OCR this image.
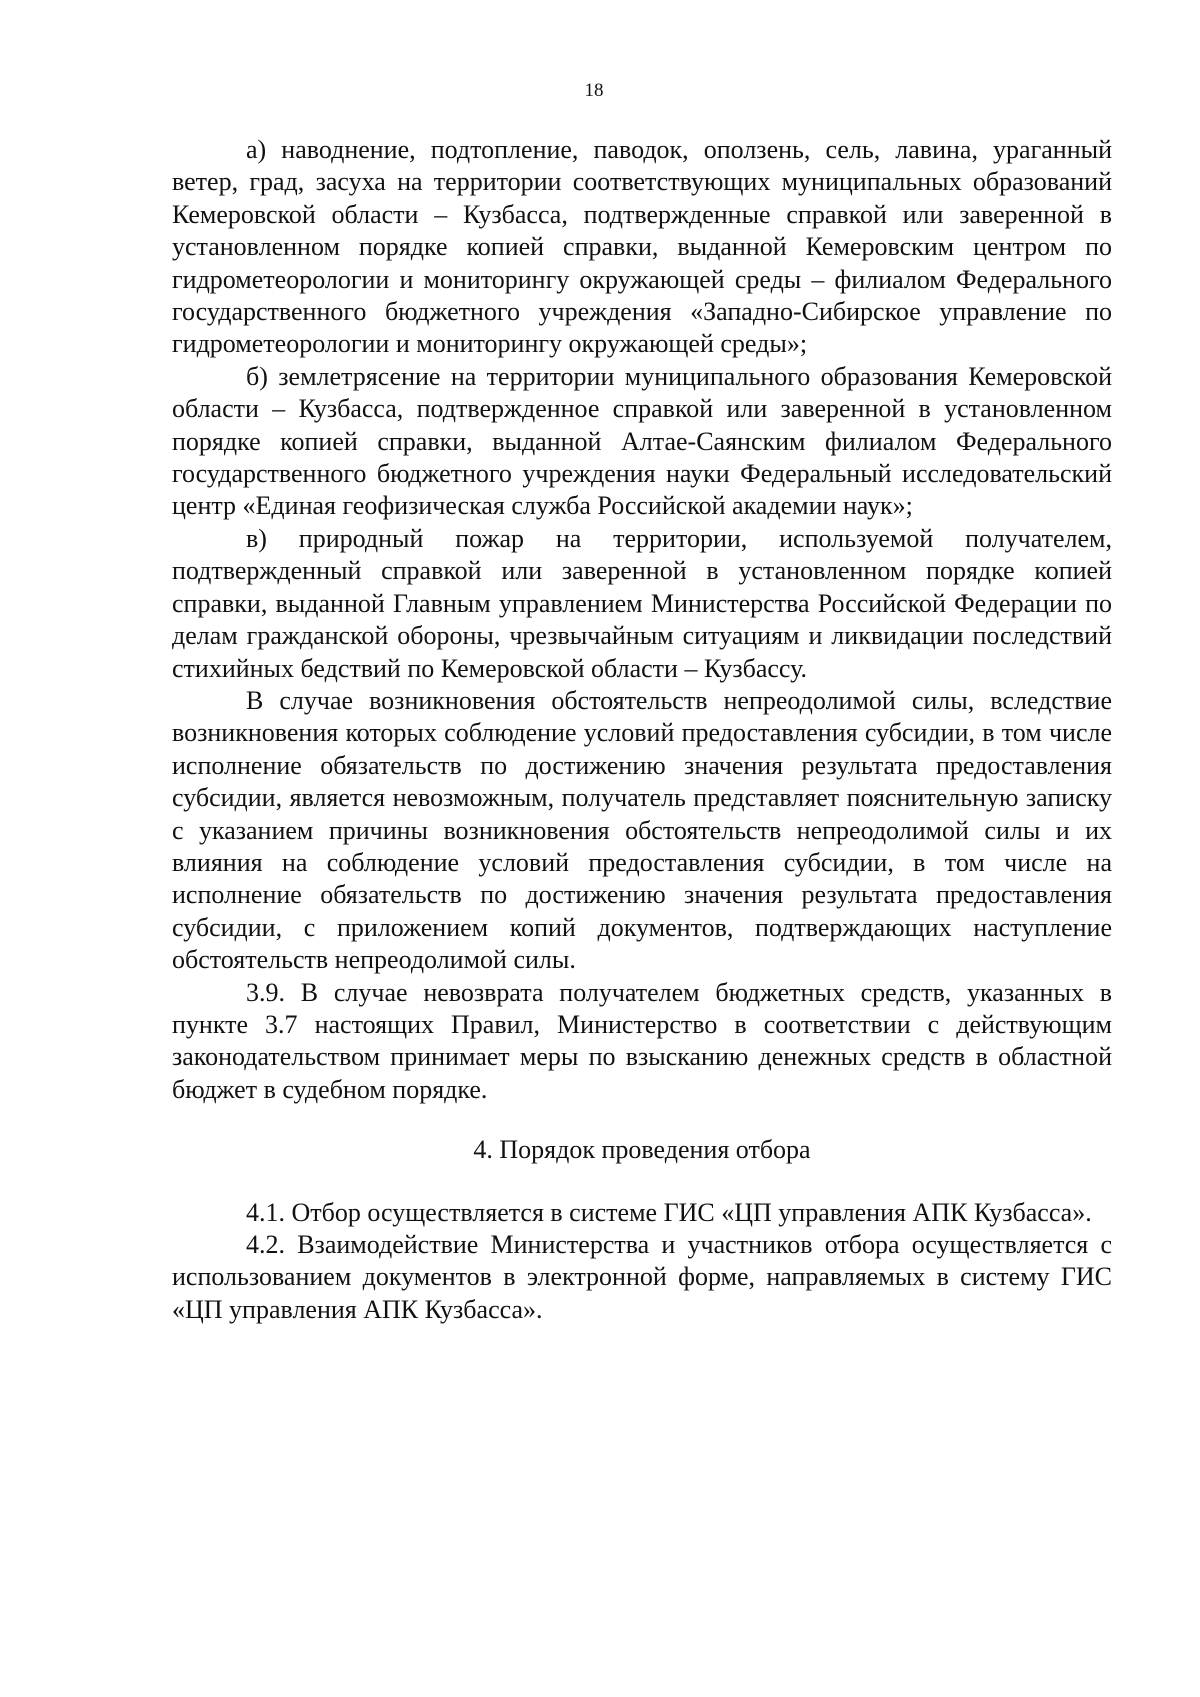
18

а) наводнение, подтопление, паводок, оползень, сель, лавина, ураганный ветер, град, засуха на территории соответствующих муниципальных образований Кемеровской области – Кузбасса, подтвержденные справкой или заверенной в установленном порядке копией справки, выданной Кемеровским центром по гидрометеорологии и мониторингу окружающей среды – филиалом Федерального государственного бюджетного учреждения «Западно-Сибирское управление по гидрометеорологии и мониторингу окружающей среды»;

б) землетрясение на территории муниципального образования Кемеровской области – Кузбасса, подтвержденное справкой или заверенной в установленном порядке копией справки, выданной Алтае-Саянским филиалом Федерального государственного бюджетного учреждения науки Федеральный исследовательский центр «Единая геофизическая служба Российской академии наук»;

в) природный пожар на территории, используемой получателем, подтвержденный справкой или заверенной в установленном порядке копией справки, выданной Главным управлением Министерства Российской Федерации по делам гражданской обороны, чрезвычайным ситуациям и ликвидации последствий стихийных бедствий по Кемеровской области – Кузбассу.

В случае возникновения обстоятельств непреодолимой силы, вследствие возникновения которых соблюдение условий предоставления субсидии, в том числе исполнение обязательств по достижению значения результата предоставления субсидии, является невозможным, получатель представляет пояснительную записку с указанием причины возникновения обстоятельств непреодолимой силы и их влияния на соблюдение условий предоставления субсидии, в том числе на исполнение обязательств по достижению значения результата предоставления субсидии, с приложением копий документов, подтверждающих наступление обстоятельств непреодолимой силы.

3.9. В случае невозврата получателем бюджетных средств, указанных в пункте 3.7 настоящих Правил, Министерство в соответствии с действующим законодательством принимает меры по взысканию денежных средств в областной бюджет в судебном порядке.

4. Порядок проведения отбора

4.1. Отбор осуществляется в системе ГИС «ЦП управления АПК Кузбасса».

4.2. Взаимодействие Министерства и участников отбора осуществляется с использованием документов в электронной форме, направляемых в систему ГИС «ЦП управления АПК Кузбасса».
